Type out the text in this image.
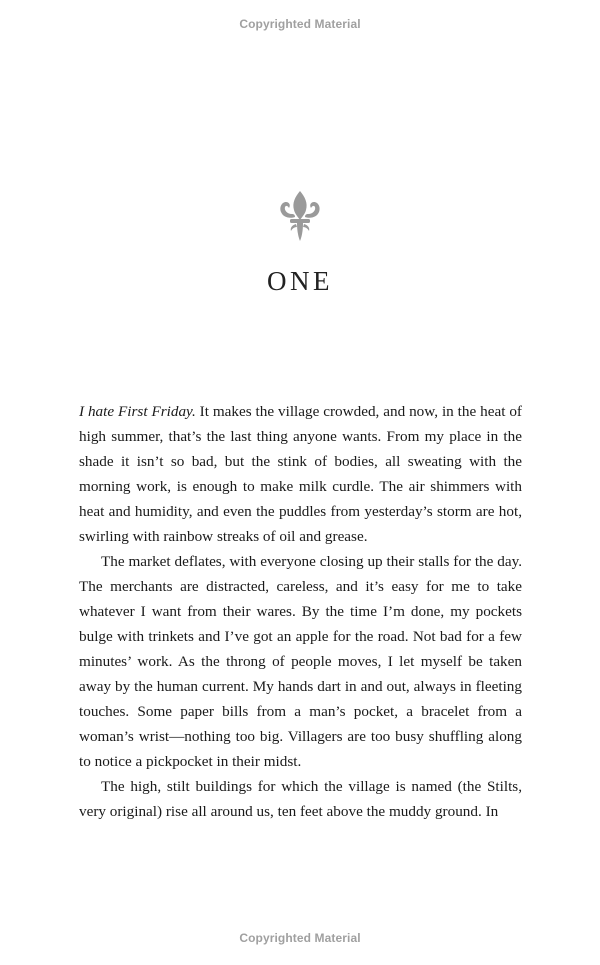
Copyrighted Material
ONE

I hate First Friday. It makes the village crowded, and now, in the heat of high summer, that’s the last thing anyone wants. From my place in the shade it isn’t so bad, but the stink of bodies, all sweating with the morning work, is enough to make milk curdle. The air shimmers with heat and humidity, and even the puddles from yesterday’s storm are hot, swirling with rainbow streaks of oil and grease.

The market deflates, with everyone closing up their stalls for the day. The merchants are distracted, careless, and it’s easy for me to take whatever I want from their wares. By the time I’m done, my pockets bulge with trinkets and I’ve got an apple for the road. Not bad for a few minutes’ work. As the throng of people moves, I let myself be taken away by the human current. My hands dart in and out, always in fleeting touches. Some paper bills from a man’s pocket, a bracelet from a woman’s wrist—nothing too big. Villagers are too busy shuffling along to notice a pickpocket in their midst.

The high, stilt buildings for which the village is named (the Stilts, very original) rise all around us, ten feet above the muddy ground. In

Copyrighted Material
